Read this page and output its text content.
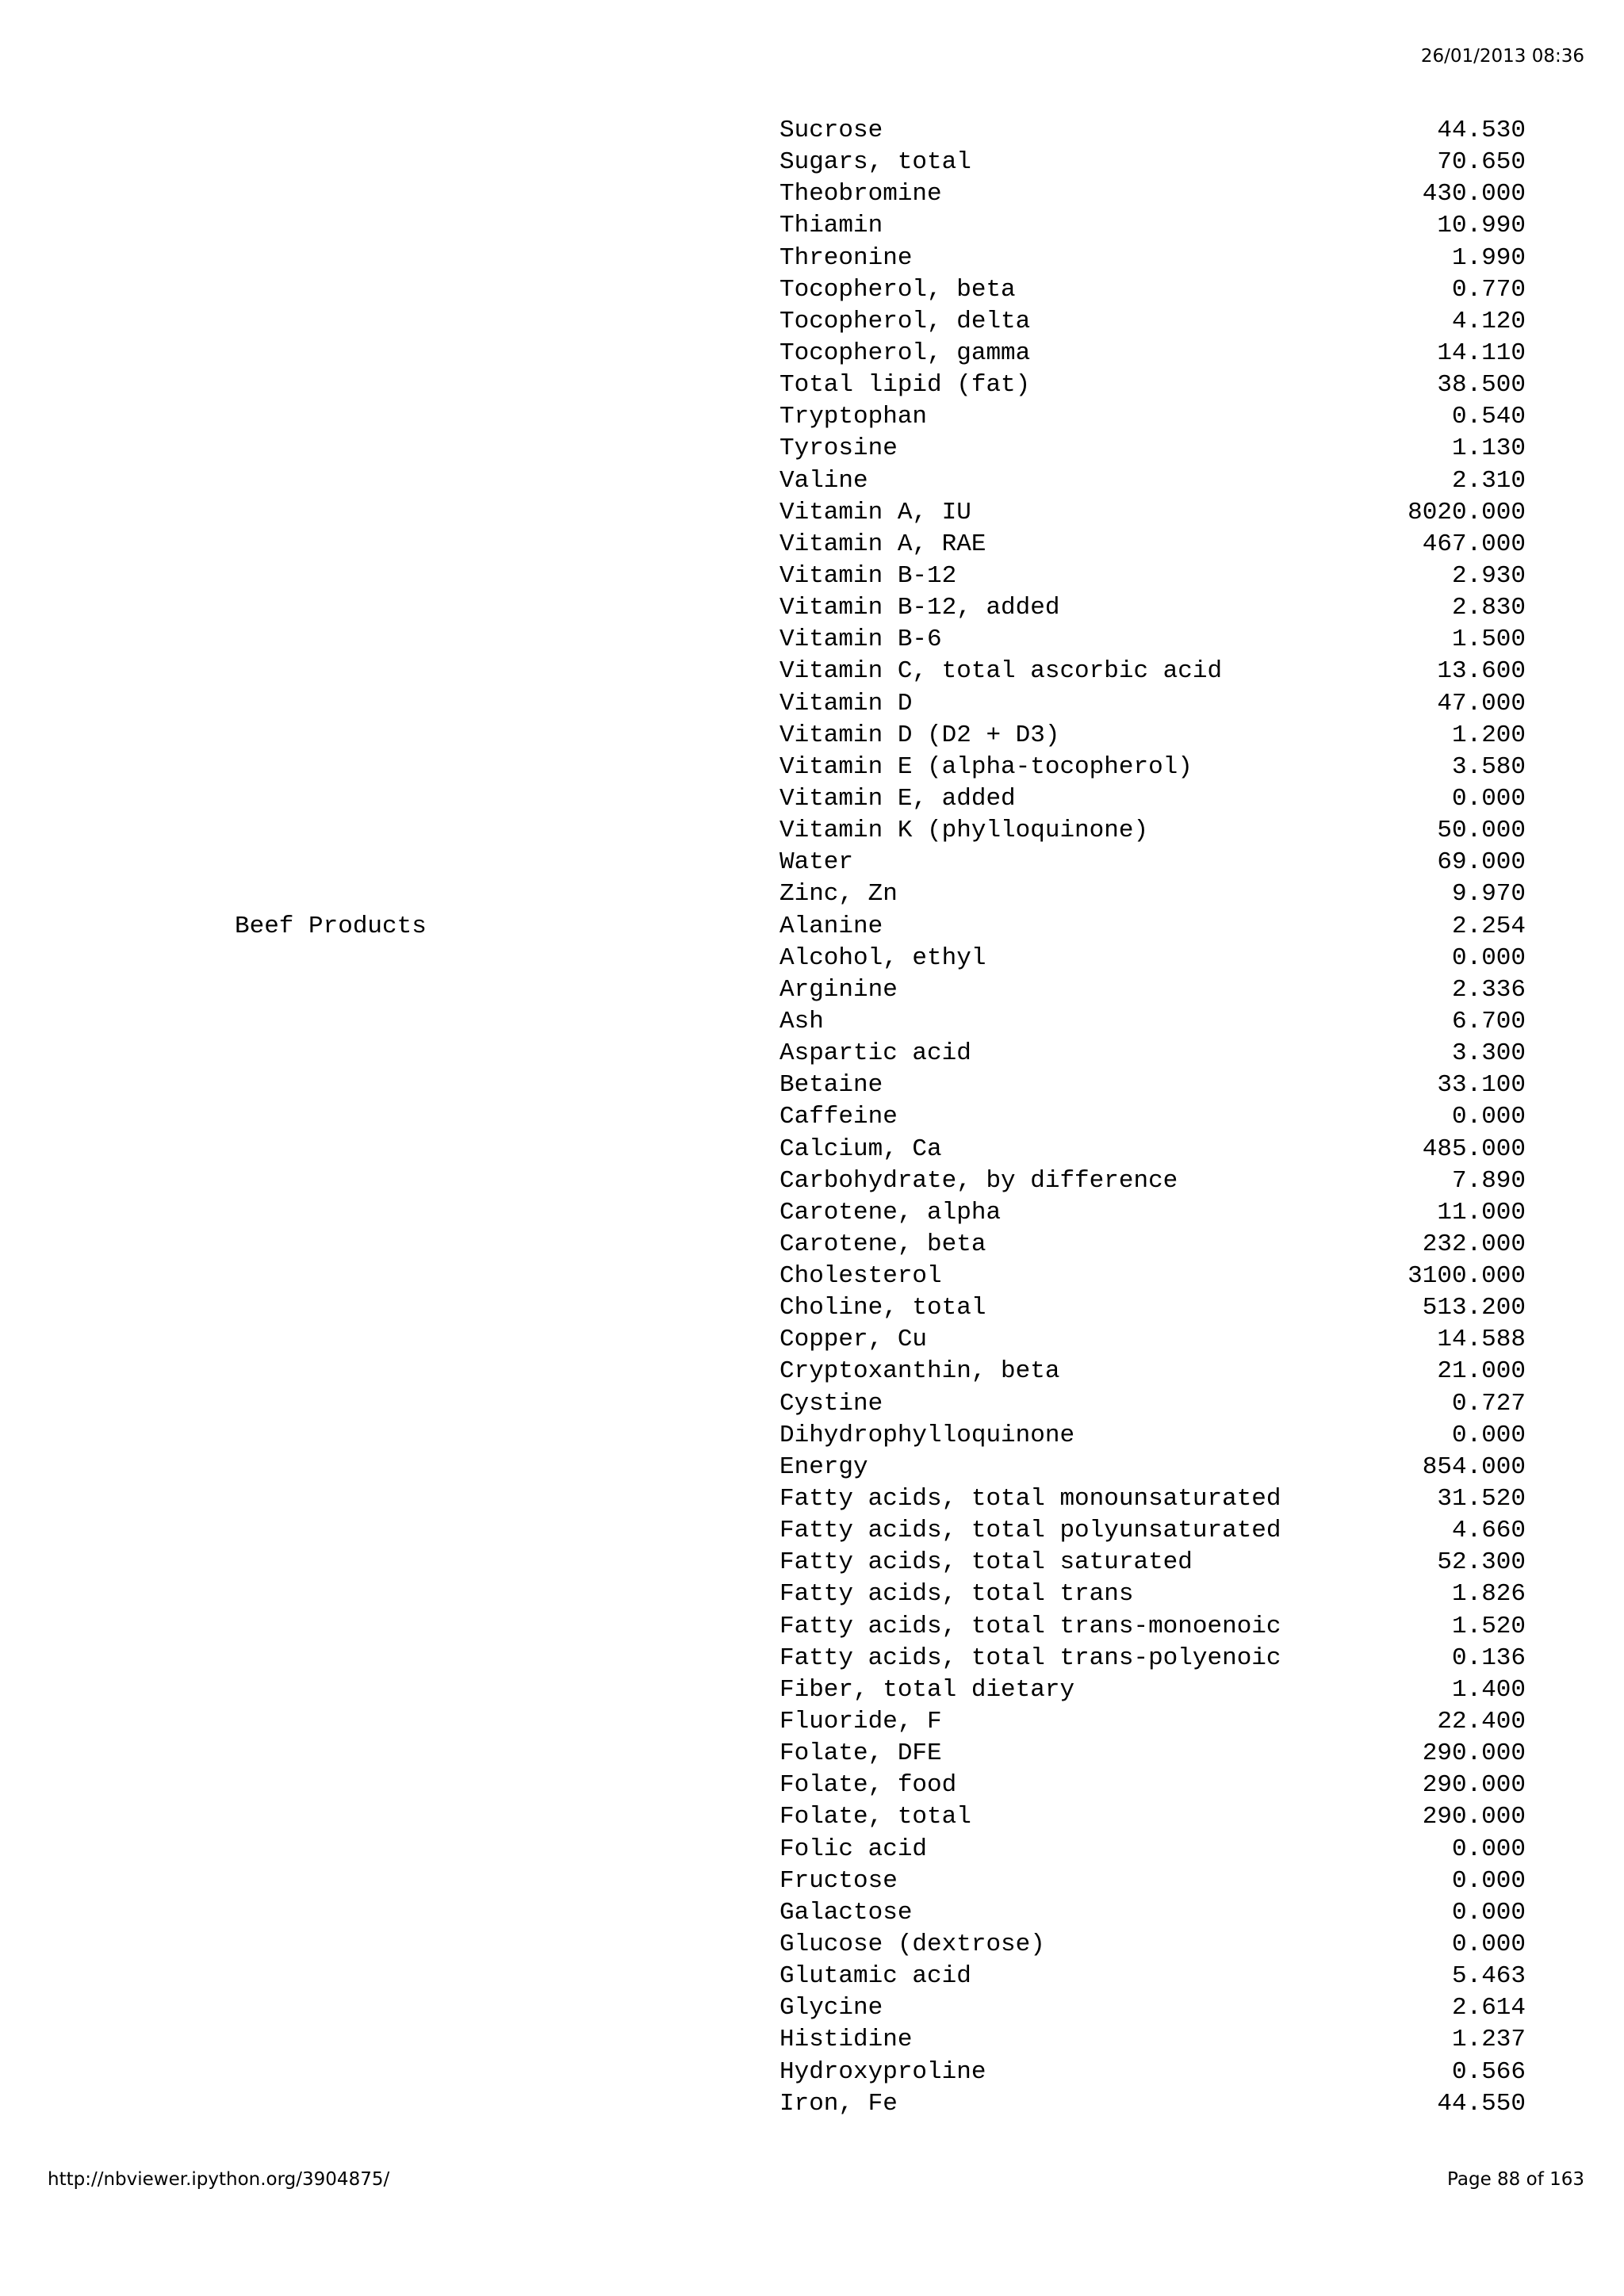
26/01/2013 08:36
Sucrose	44.530
Sugars, total	70.650
Theobromine	430.000
Thiamin	10.990
Threonine	1.990
Tocopherol, beta	0.770
Tocopherol, delta	4.120
Tocopherol, gamma	14.110
Total lipid (fat)	38.500
Tryptophan	0.540
Tyrosine	1.130
Valine	2.310
Vitamin A, IU	8020.000
Vitamin A, RAE	467.000
Vitamin B-12	2.930
Vitamin B-12, added	2.830
Vitamin B-6	1.500
Vitamin C, total ascorbic acid	13.600
Vitamin D	47.000
Vitamin D (D2 + D3)	1.200
Vitamin E (alpha-tocopherol)	3.580
Vitamin E, added	0.000
Vitamin K (phylloquinone)	50.000
Water	69.000
Zinc, Zn	9.970
Beef Products	Alanine	2.254
Alcohol, ethyl	0.000
Arginine	2.336
Ash	6.700
Aspartic acid	3.300
Betaine	33.100
Caffeine	0.000
Calcium, Ca	485.000
Carbohydrate, by difference	7.890
Carotene, alpha	11.000
Carotene, beta	232.000
Cholesterol	3100.000
Choline, total	513.200
Copper, Cu	14.588
Cryptoxanthin, beta	21.000
Cystine	0.727
Dihydrophylloquinone	0.000
Energy	854.000
Fatty acids, total monounsaturated	31.520
Fatty acids, total polyunsaturated	4.660
Fatty acids, total saturated	52.300
Fatty acids, total trans	1.826
Fatty acids, total trans-monoenoic	1.520
Fatty acids, total trans-polyenoic	0.136
Fiber, total dietary	1.400
Fluoride, F	22.400
Folate, DFE	290.000
Folate, food	290.000
Folate, total	290.000
Folic acid	0.000
Fructose	0.000
Galactose	0.000
Glucose (dextrose)	0.000
Glutamic acid	5.463
Glycine	2.614
Histidine	1.237
Hydroxyproline	0.566
Iron, Fe	44.550
http://nbviewer.ipython.org/3904875/	Page 88 of 163
